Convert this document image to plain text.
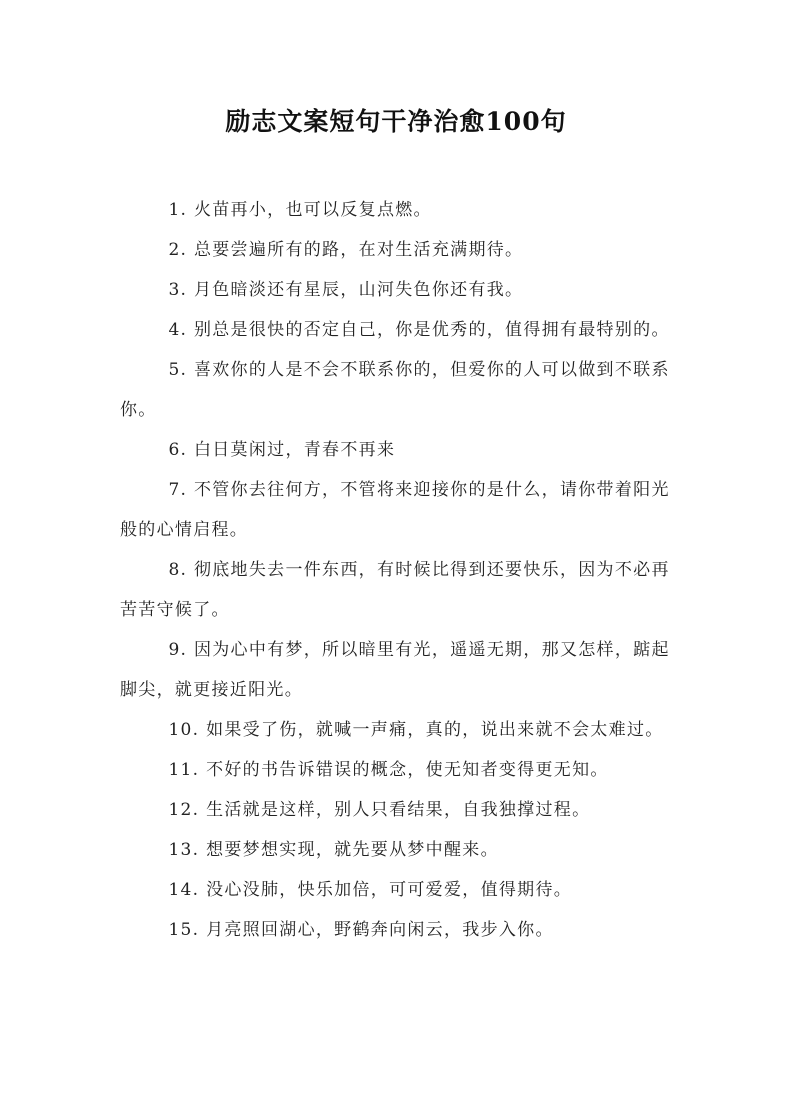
励志文案短句干净治愈100句

1. 火苗再小，也可以反复点燃。

2. 总要尝遍所有的路，在对生活充满期待。

3. 月色暗淡还有星辰，山河失色你还有我。

4. 别总是很快的否定自己，你是优秀的，值得拥有最特别的。

5. 喜欢你的人是不会不联系你的，但爱你的人可以做到不联系你。

6. 白日莫闲过，青春不再来

7. 不管你去往何方，不管将来迎接你的是什么，请你带着阳光般的心情启程。

8. 彻底地失去一件东西，有时候比得到还要快乐，因为不必再苦苦守候了。

9. 因为心中有梦，所以暗里有光，遥遥无期，那又怎样，踮起脚尖，就更接近阳光。

10. 如果受了伤，就喊一声痛，真的，说出来就不会太难过。

11. 不好的书告诉错误的概念，使无知者变得更无知。

12. 生活就是这样，别人只看结果，自我独撑过程。

13. 想要梦想实现，就先要从梦中醒来。

14. 没心没肺，快乐加倍，可可爱爱，值得期待。

15. 月亮照回湖心，野鹤奔向闲云，我步入你。
